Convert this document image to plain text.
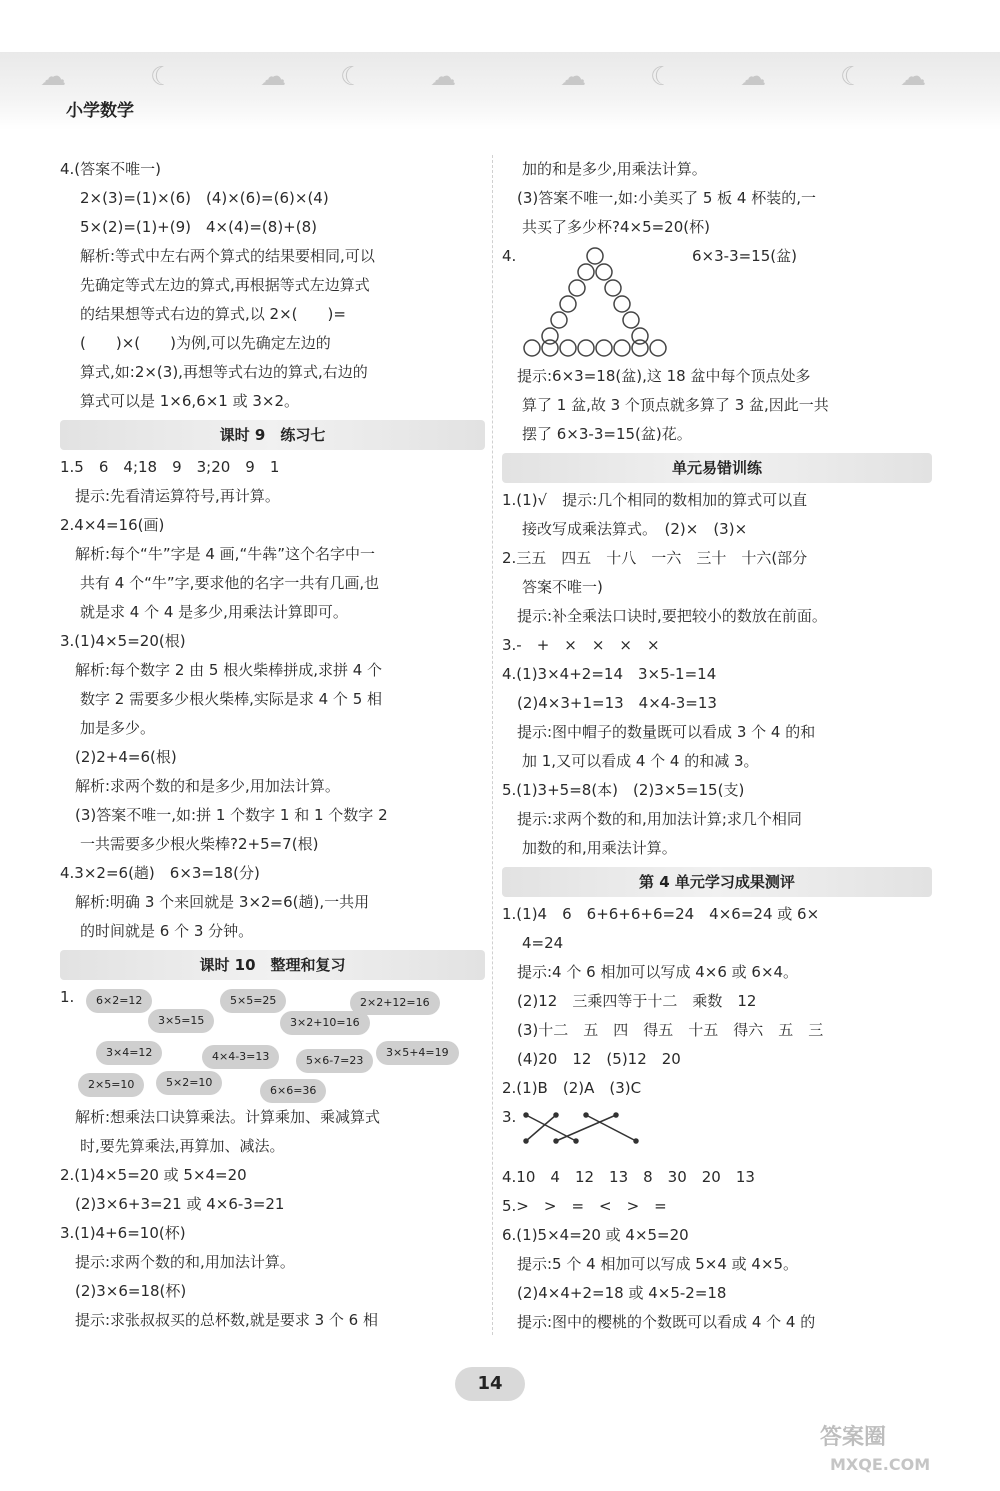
☁	☾	☁ ☾	☁	☁ ☾	☁	☾ ☁
小学数学
4.(答案不唯一)
2×(3)=(1)×(6)　(4)×(6)=(6)×(4)
5×(2)=(1)+(9)　4×(4)=(8)+(8)
解析:等式中左右两个算式的结果要相同,可以
先确定等式左边的算式,再根据等式左边算式
的结果想等式右边的算式,以 2×(　　)=
(　　)×(　　)为例,可以先确定左边的
算式,如:2×(3),再想等式右边的算式,右边的
算式可以是 1×6,6×1 或 3×2。
课时 9　练习七
1.5　6　4;18　9　3;20　9　1
　提示:先看清运算符号,再计算。
2.4×4=16(画)
　解析:每个“牛”字是 4 画,“牛犇”这个名字中一
共有 4 个“牛”字,要求他的名字一共有几画,也
就是求 4 个 4 是多少,用乘法计算即可。
3.(1)4×5=20(根)
　解析:每个数字 2 由 5 根火柴棒拼成,求拼 4 个
数字 2 需要多少根火柴棒,实际是求 4 个 5 相
加是多少。
　(2)2+4=6(根)
　解析:求两个数的和是多少,用加法计算。
　(3)答案不唯一,如:拼 1 个数字 1 和 1 个数字 2
一共需要多少根火柴棒?2+5=7(根)
4.3×2=6(趟)　6×3=18(分)
　解析:明确 3 个来回就是 3×2=6(趟),一共用
的时间就是 6 个 3 分钟。
课时 10　整理和复习
1.	6×2=12
3×5=15
5×5=25
3×2+10=16
2×2+12=16
3×4=12	4×4-3=13	5×6-7=23
3×5+4=19
2×5=10	5×2=10
6×6=36
　解析:想乘法口诀算乘法。计算乘加、乘减算式
时,要先算乘法,再算加、减法。
2.(1)4×5=20 或 5×4=20
　(2)3×6+3=21 或 4×6-3=21
3.(1)4+6=10(杯)
　提示:求两个数的和,用加法计算。
　(2)3×6=18(杯)
　提示:求张叔叔买的总杯数,就是要求 3 个 6 相
加的和是多少,用乘法计算。
　(3)答案不唯一,如:小美买了 5 板 4 杯装的,一
共买了多少杯?4×5=20(杯)
4.	6×3-3=15(盆)
　提示:6×3=18(盆),这 18 盆中每个顶点处多
算了 1 盆,故 3 个顶点就多算了 3 盆,因此一共
摆了 6×3-3=15(盆)花。
单元易错训练
1.(1)√　提示:几个相同的数相加的算式可以直
接改写成乘法算式。　(2)×　(3)×
2.三五　四五　十八　一六　三十　十六(部分
答案不唯一)
　提示:补全乘法口诀时,要把较小的数放在前面。
3.-　+　×　×　×　×
4.(1)3×4+2=14　3×5-1=14
　(2)4×3+1=13　4×4-3=13
　提示:图中帽子的数量既可以看成 3 个 4 的和
加 1,又可以看成 4 个 4 的和减 3。
5.(1)3+5=8(本)　(2)3×5=15(支)
　提示:求两个数的和,用加法计算;求几个相同
加数的和,用乘法计算。
第 4 单元学习成果测评
1.(1)4　6　6+6+6+6=24　4×6=24 或 6×
4=24
　提示:4 个 6 相加可以写成 4×6 或 6×4。
　(2)12　三乘四等于十二　乘数　12
　(3)十二　五　四　得五　十五　得六　五　三
　(4)20　12　(5)12　20
2.(1)B　(2)A　(3)C
3.
4.10　4　12　13　8　30　20　13
5.>　>　=　<　>　=
6.(1)5×4=20 或 4×5=20
　提示:5 个 4 相加可以写成 5×4 或 4×5。
　(2)4×4+2=18 或 4×5-2=18
　提示:图中的樱桃的个数既可以看成 4 个 4 的
14
答案圈
MXQE.COM
